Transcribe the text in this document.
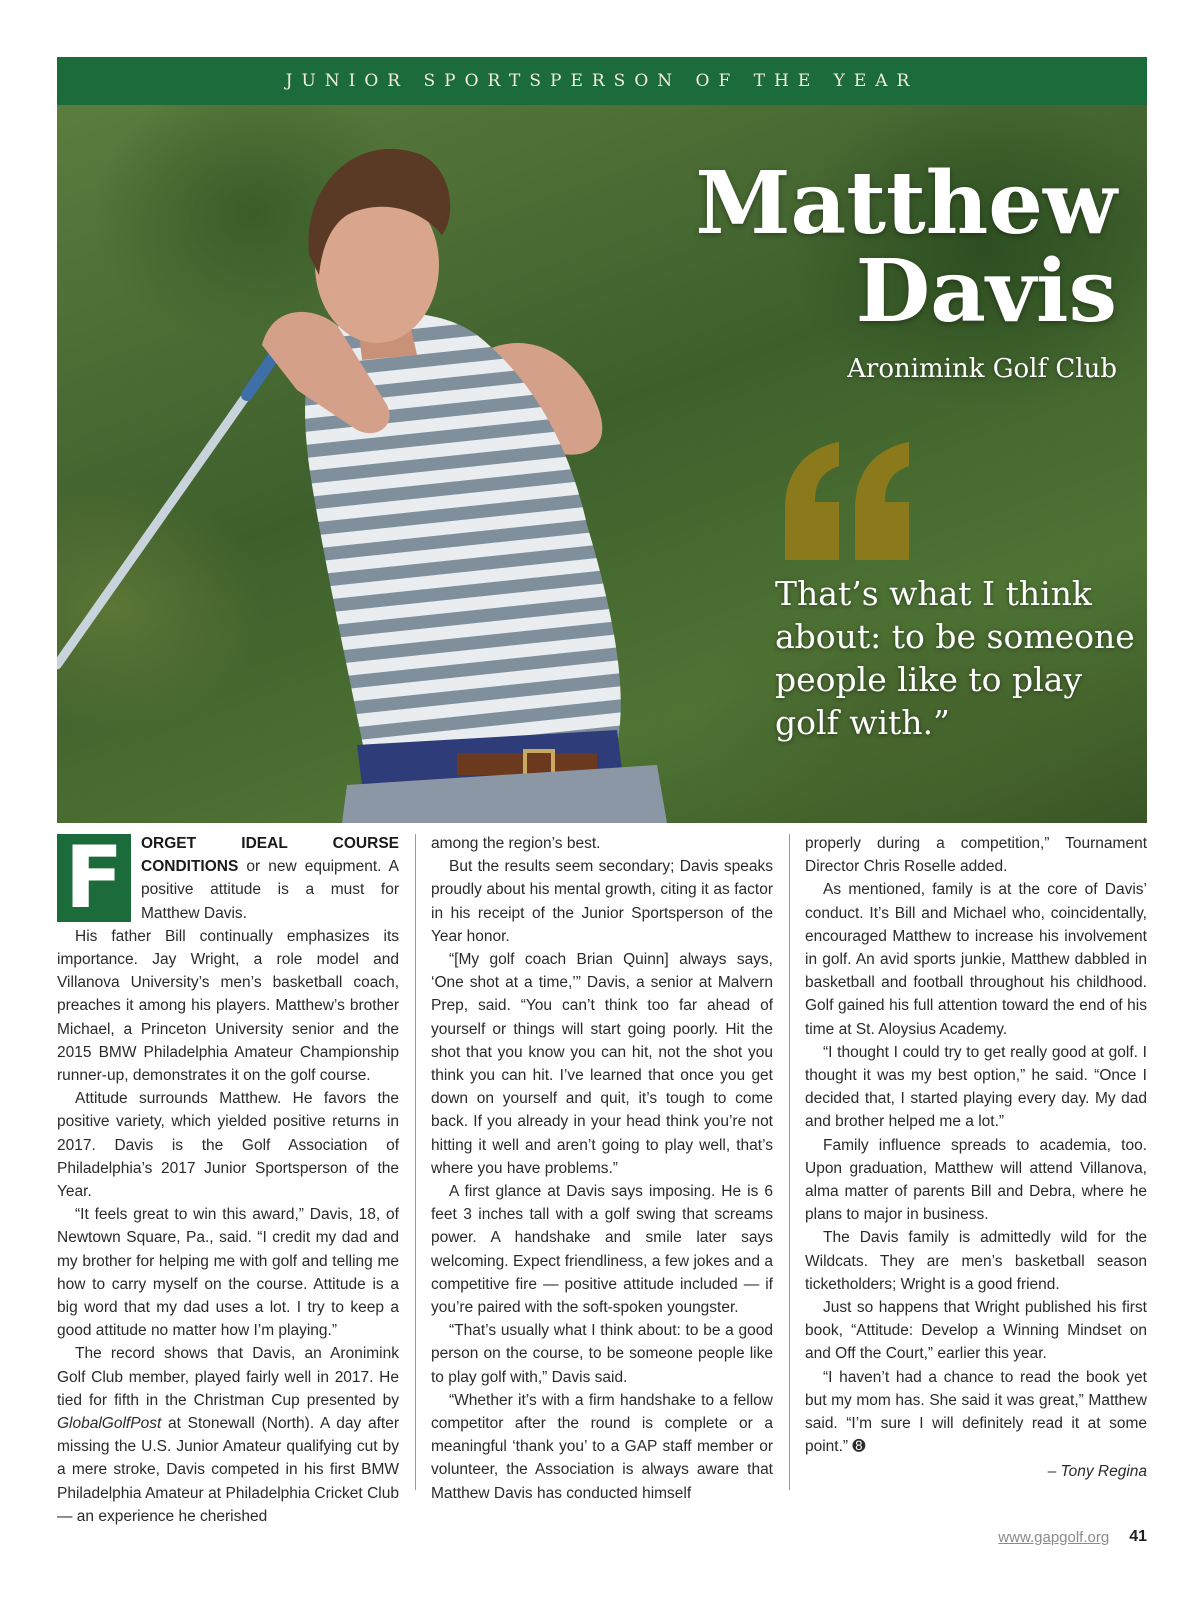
JUNIOR SPORTSPERSON OF THE YEAR
Matthew
Davis
Aronimink Golf Club
That’s what I think about: to be someone people like to play golf with.”

F	ORGET IDEAL COURSE CONDITIONS or new equipment. A positive attitude is a must for Matthew Davis.

His father Bill continually emphasizes its importance. Jay Wright, a role model and Villanova University’s men’s basketball coach, preaches it among his players. Matthew’s brother Michael, a Princeton University senior and the 2015 BMW Philadelphia Amateur Championship runner-up, demonstrates it on the golf course.

Attitude surrounds Matthew. He favors the positive variety, which yielded positive returns in 2017. Davis is the Golf Association of Philadelphia’s 2017 Junior Sportsperson of the Year.

“It feels great to win this award,” Davis, 18, of Newtown Square, Pa., said. “I credit my dad and my brother for helping me with golf and telling me how to carry myself on the course. Attitude is a big word that my dad uses a lot. I try to keep a good attitude no matter how I’m playing.”

The record shows that Davis, an Aronimink Golf Club member, played fairly well in 2017. He tied for fifth in the Christman Cup presented by GlobalGolfPost at Stonewall (North). A day after missing the U.S. Junior Amateur qualifying cut by a mere stroke, Davis competed in his first BMW Philadelphia Amateur at Philadelphia Cricket Club — an experience he cherished

among the region’s best.

But the results seem secondary; Davis speaks proudly about his mental growth, citing it as factor in his receipt of the Junior Sportsperson of the Year honor.

“[My golf coach Brian Quinn] always says, ‘One shot at a time,’” Davis, a senior at Malvern Prep, said. “You can’t think too far ahead of yourself or things will start going poorly. Hit the shot that you know you can hit, not the shot you think you can hit. I’ve learned that once you get down on yourself and quit, it’s tough to come back. If you already in your head think you’re not hitting it well and aren’t going to play well, that’s where you have problems.”

A first glance at Davis says imposing. He is 6 feet 3 inches tall with a golf swing that screams power. A handshake and smile later says welcoming. Expect friendliness, a few jokes and a competitive fire — positive attitude included — if you’re paired with the soft-spoken youngster.

“That’s usually what I think about: to be a good person on the course, to be someone people like to play golf with,” Davis said.

“Whether it’s with a firm handshake to a fellow competitor after the round is complete or a meaningful ‘thank you’ to a GAP staff member or volunteer, the Association is always aware that Matthew Davis has conducted himself

properly during a competition,” Tournament Director Chris Roselle added.

As mentioned, family is at the core of Davis’ conduct. It’s Bill and Michael who, coincidentally, encouraged Matthew to increase his involvement in golf. An avid sports junkie, Matthew dabbled in basketball and football throughout his childhood. Golf gained his full attention toward the end of his time at St. Aloysius Academy.

“I thought I could try to get really good at golf. I thought it was my best option,” he said. “Once I decided that, I started playing every day. My dad and brother helped me a lot.”

Family influence spreads to academia, too. Upon graduation, Matthew will attend Villanova, alma matter of parents Bill and Debra, where he plans to major in business.

The Davis family is admittedly wild for the Wildcats. They are men’s basketball season ticketholders; Wright is a good friend.

Just so happens that Wright published his first book, “Attitude: Develop a Winning Mindset on and Off the Court,” earlier this year.

“I haven’t had a chance to read the book yet but my mom has. She said it was great,” Matthew said. “I’m sure I will definitely read it at some point.” ➑

– Tony Regina
www.gapgolf.org 41
